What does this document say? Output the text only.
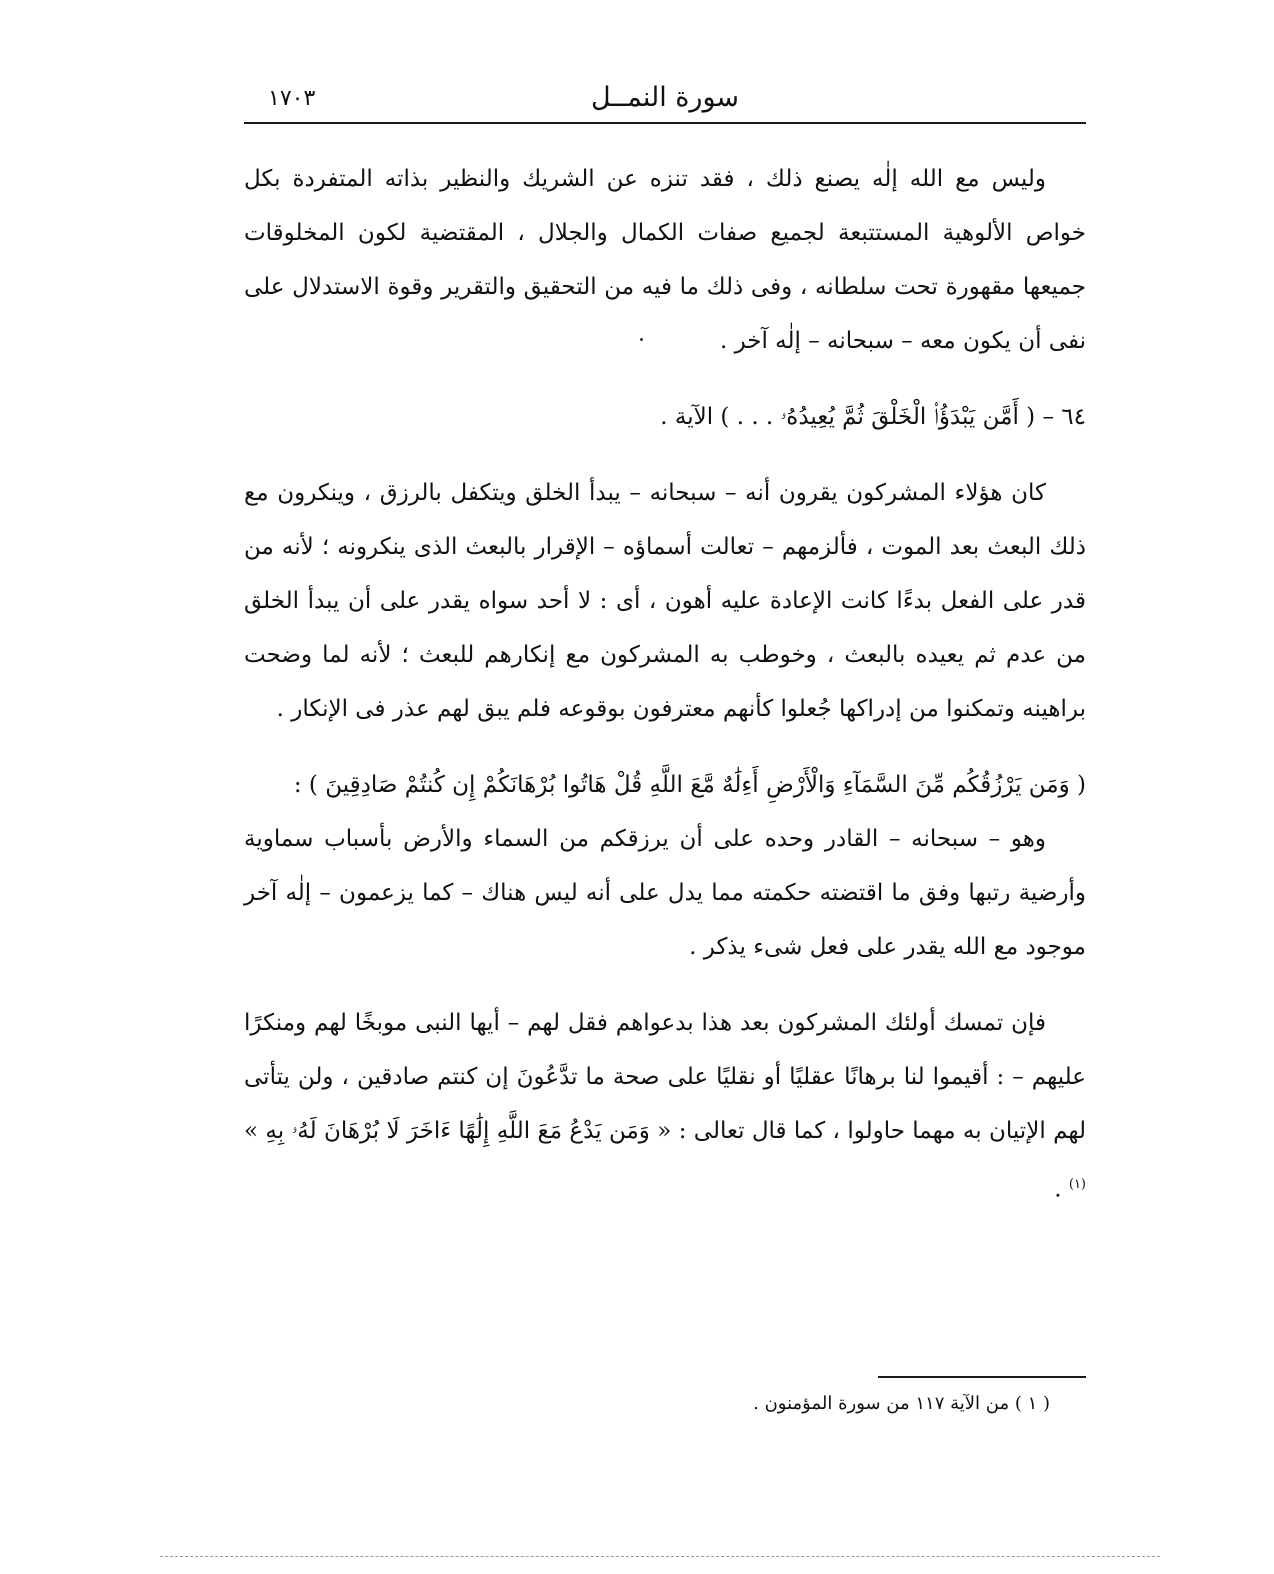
١٧٠٣	سورة النمــل

وليس مع الله إلٰه يصنع ذلك ، فقد تنزه عن الشريك والنظير بذاته المتفردة بكل خواص الألوهية المستتبعة لجميع صفات الكمال والجلال ، المقتضية لكون المخلوقات جميعها مقهورة تحت سلطانه ، وفى ذلك ما فيه من التحقيق والتقرير وقوة الاستدلال على نفى أن يكون معه – سبحانه – إلٰه آخر .

٦٤ – ( أَمَّن يَبْدَؤُا۟ الْخَلْقَ ثُمَّ يُعِيدُهُۥ . . . ) الآية .

كان هؤلاء المشركون يقرون أنه – سبحانه – يبدأ الخلق ويتكفل بالرزق ، وينكرون مع ذلك البعث بعد الموت ، فألزمهم – تعالت أسماؤه – الإقرار بالبعث الذى ينكرونه ؛ لأنه من قدر على الفعل بدءًا كانت الإعادة عليه أهون ، أى : لا أحد سواه يقدر على أن يبدأ الخلق من عدم ثم يعيده بالبعث ، وخوطب به المشركون مع إنكارهم للبعث ؛ لأنه لما وضحت براهينه وتمكنوا من إدراكها جُعلوا كأنهم معترفون بوقوعه فلم يبق لهم عذر فى الإنكار .

( وَمَن يَرْزُقُكُم مِّنَ السَّمَآءِ وَالْأَرْضِ أَءِلَٰهٌ مَّعَ اللَّهِ قُلْ هَاتُوا بُرْهَانَكُمْ إِن كُنتُمْ صَادِقِينَ ) :

وهو – سبحانه – القادر وحده على أن يرزقكم من السماء والأرض بأسباب سماوية وأرضية رتبها وفق ما اقتضته حكمته مما يدل على أنه ليس هناك – كما يزعمون – إلٰه آخر موجود مع الله يقدر على فعل شىء يذكر .

فإن تمسك أولئك المشركون بعد هذا بدعواهم فقل لهم – أيها النبى موبخًا لهم ومنكرًا عليهم – : أقيموا لنا برهانًا عقليًا أو نقليًا على صحة ما تدَّعُونَ إن كنتم صادقين ، ولن يتأتى لهم الإتيان به مهما حاولوا ، كما قال تعالى : « وَمَن يَدْعُ مَعَ اللَّهِ إِلَٰهًا ءَاخَرَ لَا بُرْهَانَ لَهُۥ بِهِ » $^{(١)}$ .

( ١ ) من الآية ١١٧ من سورة المؤمنون .
